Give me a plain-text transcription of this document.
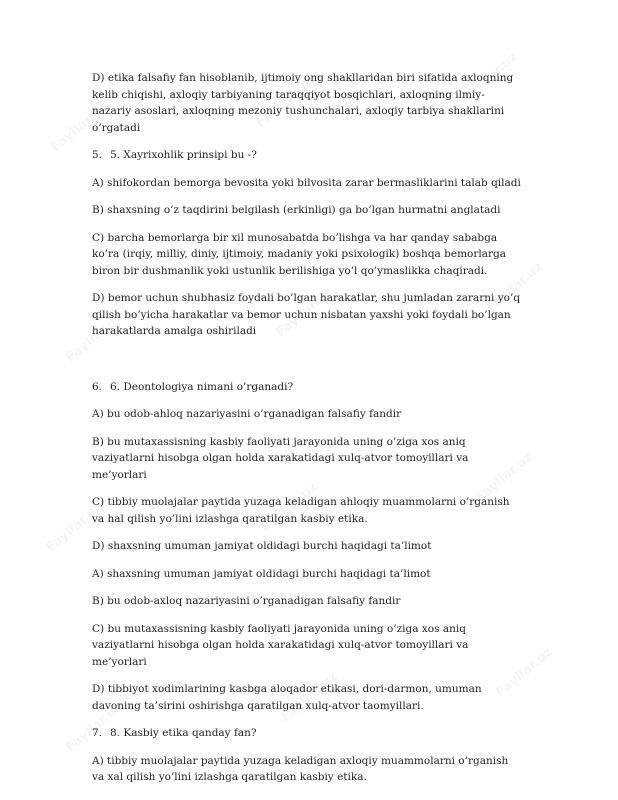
D) etika falsafiy fan hisoblanib, ijtimoiy ong shakllaridan biri sifatida axloqning kelib chiqishi, axloqiy tarbiyaning taraqqiyot bosqichlari, axloqning ilmiy- nazariy asoslari, axloqning mezoniy tushunchalari, axloqiy tarbiya shakllarini o’rgatadi

5. 5. Xayrixohlik prinsipi bu -?

A) shifokordan bemorga bevosita yoki bilvosita zarar bermasliklarini talab qiladi

B) shaxsning o’z taqdirini belgilash (erkinligi) ga bo’lgan hurmatni anglatadi

C) barcha bemorlarga bir xil munosabatda bo’lishga va har qanday sababga ko’ra (irqiy, milliy, diniy, ijtimoiy, madaniy yoki psixologik) boshqa bemorlarga biron bir dushmanlik yoki ustunlik berilishiga yo’l qo’ymaslikka chaqiradi.

D) bemor uchun shubhasiz foydali bo’lgan harakatlar, shu jumladan zararni yo’q qilish bo’yicha harakatlar va bemor uchun nisbatan yaxshi yoki foydali bo’lgan harakatlarda amalga oshiriladi

6. 6. Deontologiya nimani o’rganadi?

A) bu odob-ahloq nazariyasini o’rganadigan falsafiy fandir

B) bu mutaxassisning kasbiy faoliyati jarayonida uning o’ziga xos aniq vaziyatlarni hisobga olgan holda xarakatidagi xulq-atvor tomoyillari va me’yorlari

C) tibbiy muolajalar paytida yuzaga keladigan ahloqiy muammolarni o’rganish va hal qilish yo’lini izlashga qaratilgan kasbiy etika.

D) shaxsning umuman jamiyat oldidagi burchi haqidagi ta’limot

A) shaxsning umuman jamiyat oldidagi burchi haqidagi ta’limot

B) bu odob-axloq nazariyasini o’rganadigan falsafiy fandir

C) bu mutaxassisning kasbiy faoliyati jarayonida uning o’ziga xos aniq vaziyatlarni hisobga olgan holda xarakatidagi xulq-atvor tomoyillari va me’yorlari

D) tibbiyot xodimlarining kasbga aloqador etikasi, dori-darmon, umuman davoning ta’sirini oshirishga qaratilgan xulq-atvor taomyillari.

7. 8. Kasbiy etika qanday fan?

A) tibbiy muolajalar paytida yuzaga keladigan axloqiy muammolarni o’rganish va xal qilish yo’lini izlashga qaratilgan kasbiy etika.
